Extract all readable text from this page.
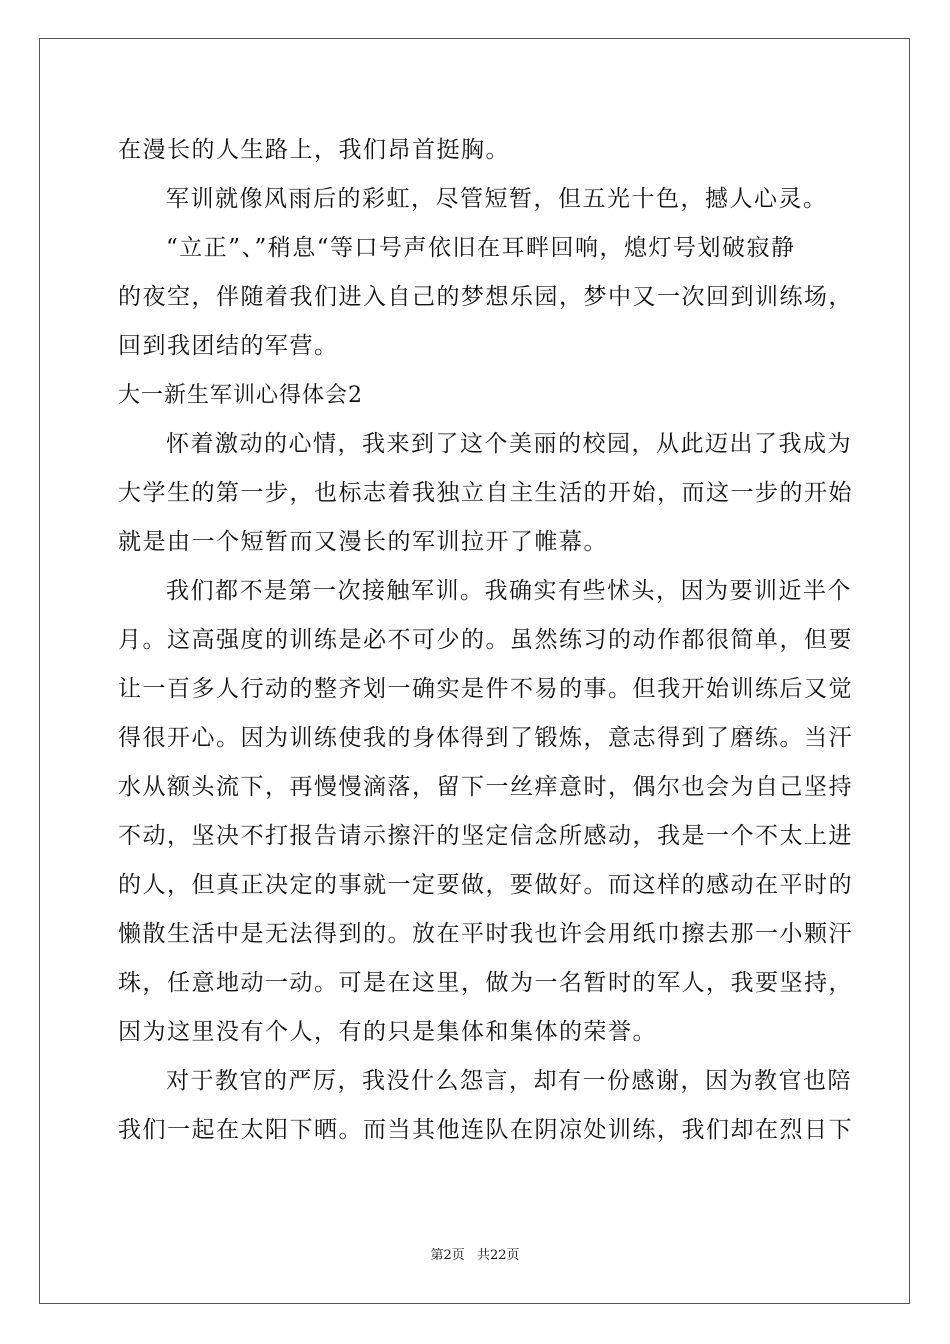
在漫长的人生路上，我们昂首挺胸。
军训就像风雨后的彩虹，尽管短暂，但五光十色，撼人心灵。
“立正”、”稍息“等口号声依旧在耳畔回响，熄灯号划破寂静
的夜空，伴随着我们进入自己的梦想乐园，梦中又一次回到训练场，
回到我团结的军营。
大一新生军训心得体会2
怀着激动的心情，我来到了这个美丽的校园，从此迈出了我成为
大学生的第一步，也标志着我独立自主生活的开始，而这一步的开始
就是由一个短暂而又漫长的军训拉开了帷幕。
我们都不是第一次接触军训。我确实有些怵头，因为要训近半个
月。这高强度的训练是必不可少的。虽然练习的动作都很简单，但要
让一百多人行动的整齐划一确实是件不易的事。但我开始训练后又觉
得很开心。因为训练使我的身体得到了锻炼，意志得到了磨练。当汗
水从额头流下，再慢慢滴落，留下一丝痒意时，偶尔也会为自己坚持
不动，坚决不打报告请示擦汗的坚定信念所感动，我是一个不太上进
的人，但真正决定的事就一定要做，要做好。而这样的感动在平时的
懒散生活中是无法得到的。放在平时我也许会用纸巾擦去那一小颗汗
珠，任意地动一动。可是在这里，做为一名暂时的军人，我要坚持，
因为这里没有个人，有的只是集体和集体的荣誉。
对于教官的严厉，我没什么怨言，却有一份感谢，因为教官也陪
我们一起在太阳下晒。而当其他连队在阴凉处训练，我们却在烈日下
第2页 共22页
